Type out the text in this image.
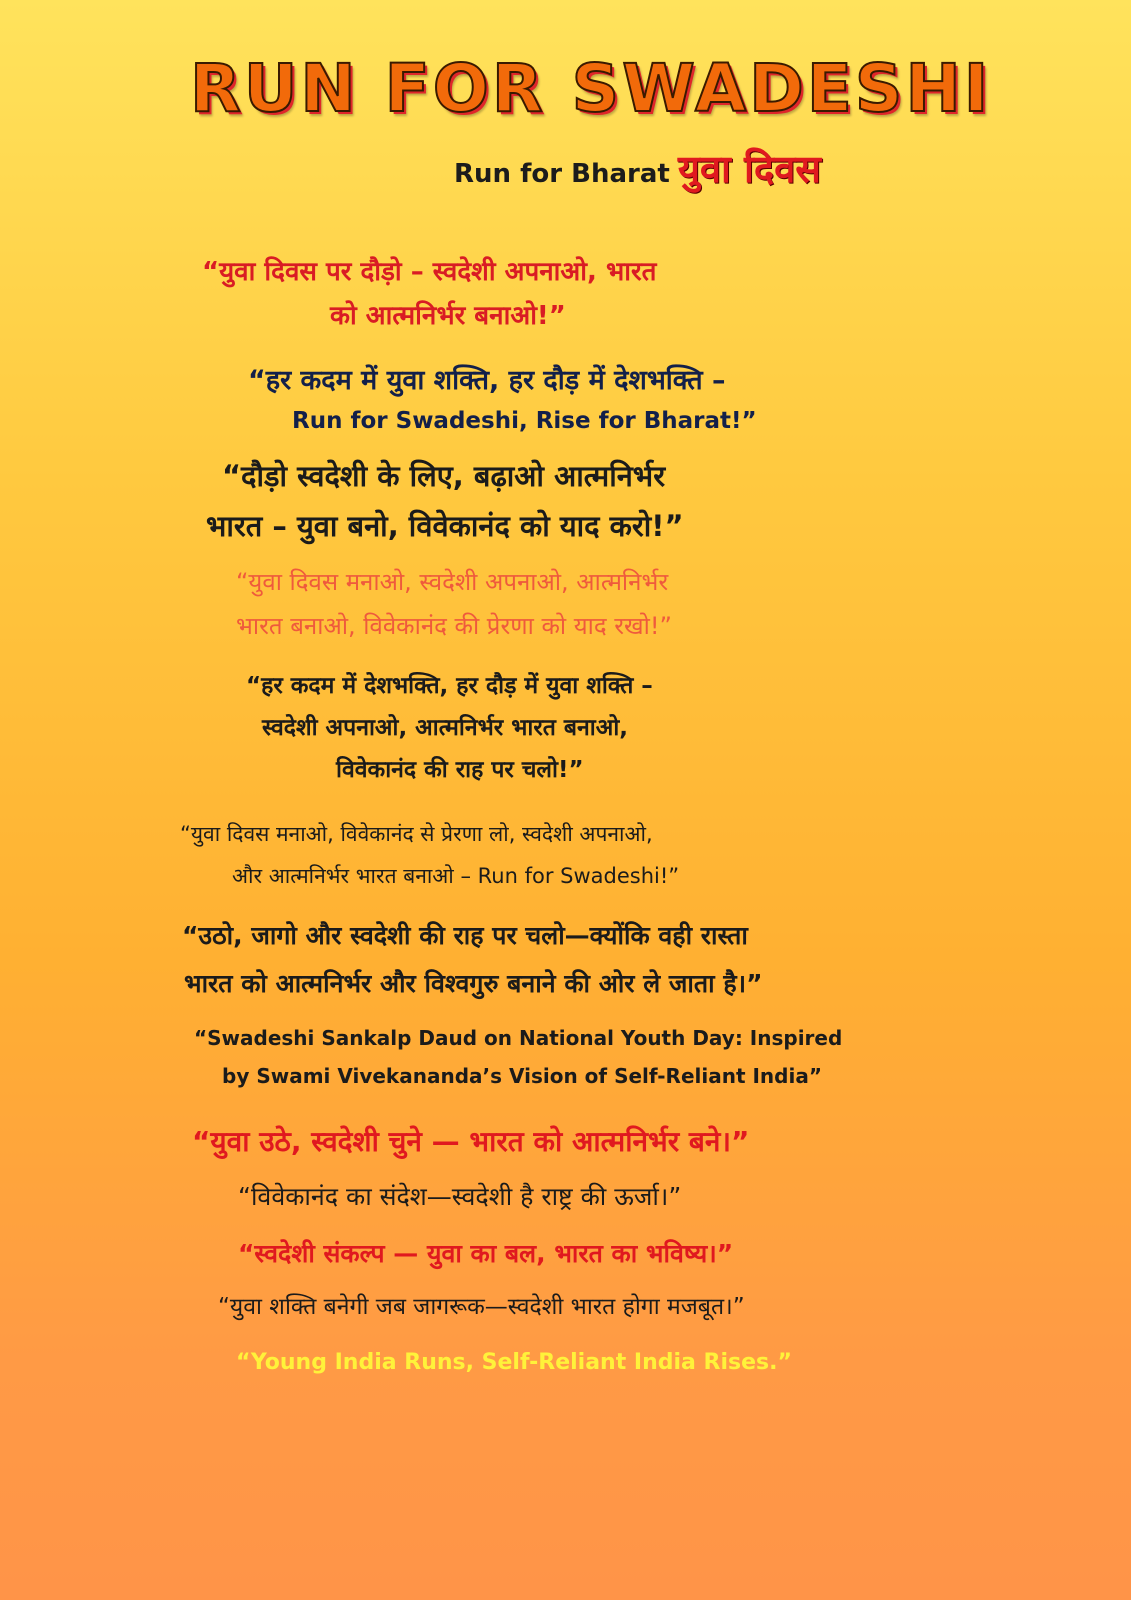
RUN FOR SWADESHI
Run for Bharat युवा दिवस
“युवा दिवस पर दौड़ो – स्वदेशी अपनाओ, भारत
को आत्मनिर्भर बनाओ!”
“हर कदम में युवा शक्ति, हर दौड़ में देशभक्ति –
Run for Swadeshi, Rise for Bharat!”
“दौड़ो स्वदेशी के लिए, बढ़ाओ आत्मनिर्भर
भारत – युवा बनो, विवेकानंद को याद करो!”
“युवा दिवस मनाओ, स्वदेशी अपनाओ, आत्मनिर्भर
भारत बनाओ, विवेकानंद की प्रेरणा को याद रखो!”
“हर कदम में देशभक्ति, हर दौड़ में युवा शक्ति –
स्वदेशी अपनाओ, आत्मनिर्भर भारत बनाओ,
विवेकानंद की राह पर चलो!”
“युवा दिवस मनाओ, विवेकानंद से प्रेरणा लो, स्वदेशी अपनाओ,
और आत्मनिर्भर भारत बनाओ – Run for Swadeshi!”
“उठो, जागो और स्वदेशी की राह पर चलो—क्योंकि वही रास्ता
भारत को आत्मनिर्भर और विश्वगुरु बनाने की ओर ले जाता है।”
“Swadeshi Sankalp Daud on National Youth Day: Inspired
by Swami Vivekananda’s Vision of Self-Reliant India”
“युवा उठे, स्वदेशी चुने — भारत को आत्मनिर्भर बने।”
“विवेकानंद का संदेश—स्वदेशी है राष्ट्र की ऊर्जा।”
“स्वदेशी संकल्प — युवा का बल, भारत का भविष्य।”
“युवा शक्ति बनेगी जब जागरूक—स्वदेशी भारत होगा मजबूत।”
“Young India Runs, Self-Reliant India Rises.”
